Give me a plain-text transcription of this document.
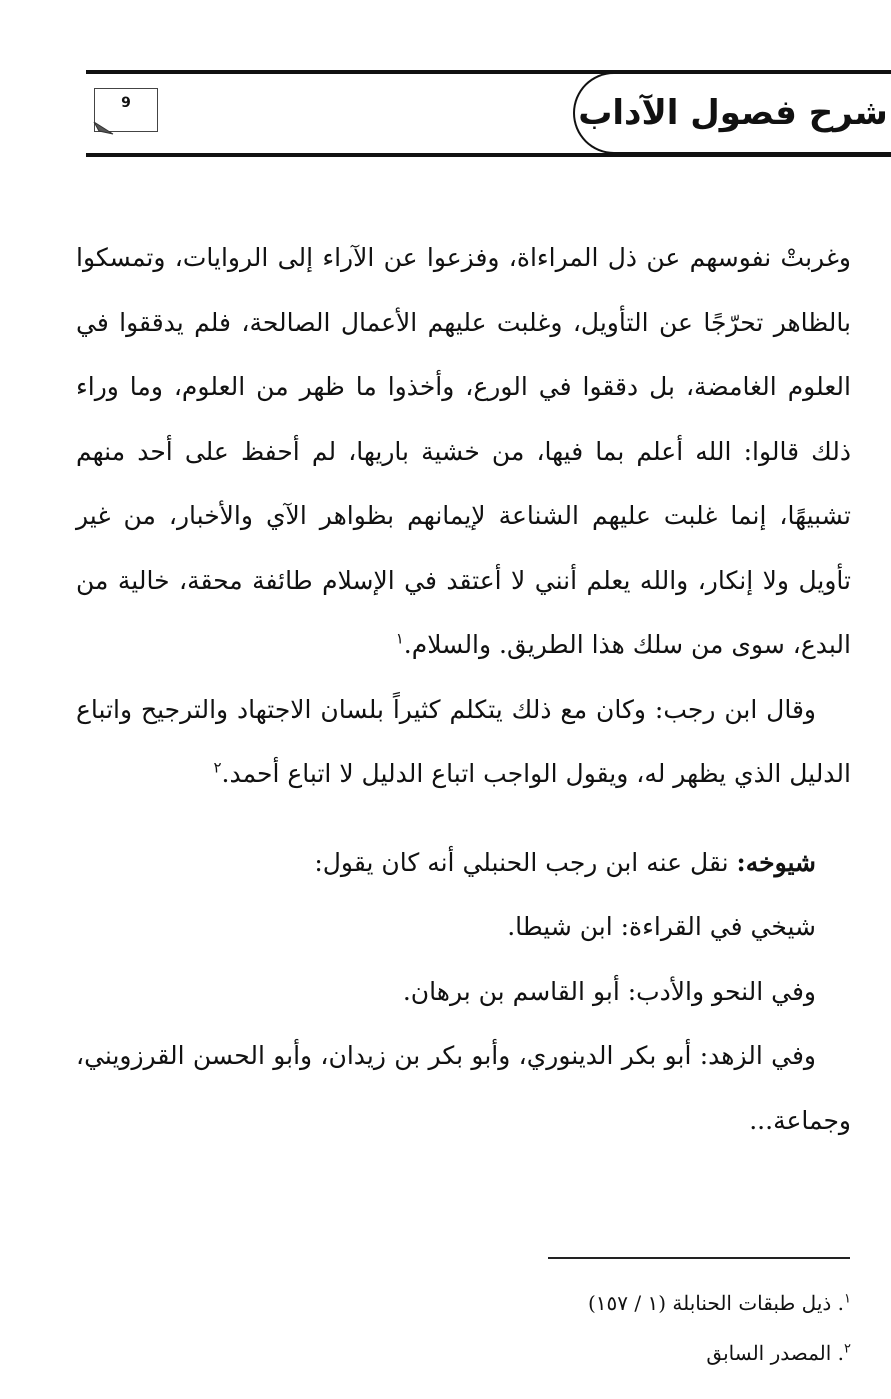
شرح فصول الآداب
9

وغربتْ نفوسهم عن ذل المراءاة، وفزعوا عن الآراء إلى الروايات، وتمسكوا بالظاهر تحرّجًا عن التأويل، وغلبت عليهم الأعمال الصالحة، فلم يدققوا في العلوم الغامضة، بل دققوا في الورع، وأخذوا ما ظهر من العلوم، وما وراء ذلك قالوا: الله أعلم بما فيها، من خشية باريها، لم أحفظ على أحد منهم تشبيهًا، إنما غلبت عليهم الشناعة لإيمانهم بظواهر الآي والأخبار، من غير تأويل ولا إنكار، والله يعلم أنني لا أعتقد في الإسلام طائفة محقة، خالية من البدع، سوى من سلك هذا الطريق. والسلام.$^١$

وقال ابن رجب: وكان مع ذلك يتكلم كثيراً بلسان الاجتهاد والترجيح واتباع الدليل الذي يظهر له، ويقول الواجب اتباع الدليل لا اتباع أحمد.$^٢$

شيوخه: نقل عنه ابن رجب الحنبلي أنه كان يقول:

شيخي في القراءة: ابن شيطا.

وفي النحو والأدب: أبو القاسم بن برهان.

وفي الزهد: أبو بكر الدينوري، وأبو بكر بن زيدان، وأبو الحسن القرزويني، وجماعة...

$^١$. ذيل طبقات الحنابلة (١ / ١٥٧)

$^٢$. المصدر السابق
